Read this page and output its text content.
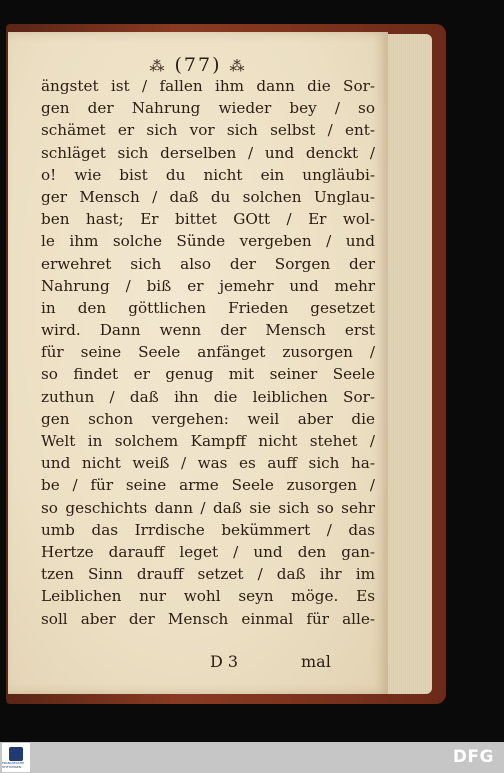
⁂ (77) ⁂
ängstet ist / fallen ihm dann die Sor-
gen der Nahrung wieder bey / so
schämet er sich vor sich selbst / ent-
schläget sich derselben / und denckt /
o! wie bist du nicht ein ungläubi-
ger Mensch / daß du solchen Unglau-
ben hast; Er bittet GOtt / Er wol-
le ihm solche Sünde vergeben / und
erwehret sich also der Sorgen der
Nahrung / biß er jemehr und mehr
in den göttlichen Frieden gesetzet
wird. Dann wenn der Mensch erst
für seine Seele anfänget zusorgen /
so findet er genug mit seiner Seele
zuthun / daß ihn die leiblichen Sor-
gen schon vergehen: weil aber die
Welt in solchem Kampff nicht stehet /
und nicht weiß / was es auff sich ha-
be / für seine arme Seele zusorgen /
so geschichts dann / daß sie sich so sehr
umb das Irrdische bekümmert / das
Hertze darauff leget / und den gan-
tzen Sinn drauff setzet / daß ihr im
Leiblichen nur wohl seyn möge. Es
soll aber der Mensch einmal für alle-
D 3	mal
FRANCKESCHE STIFTUNGEN	DFG
